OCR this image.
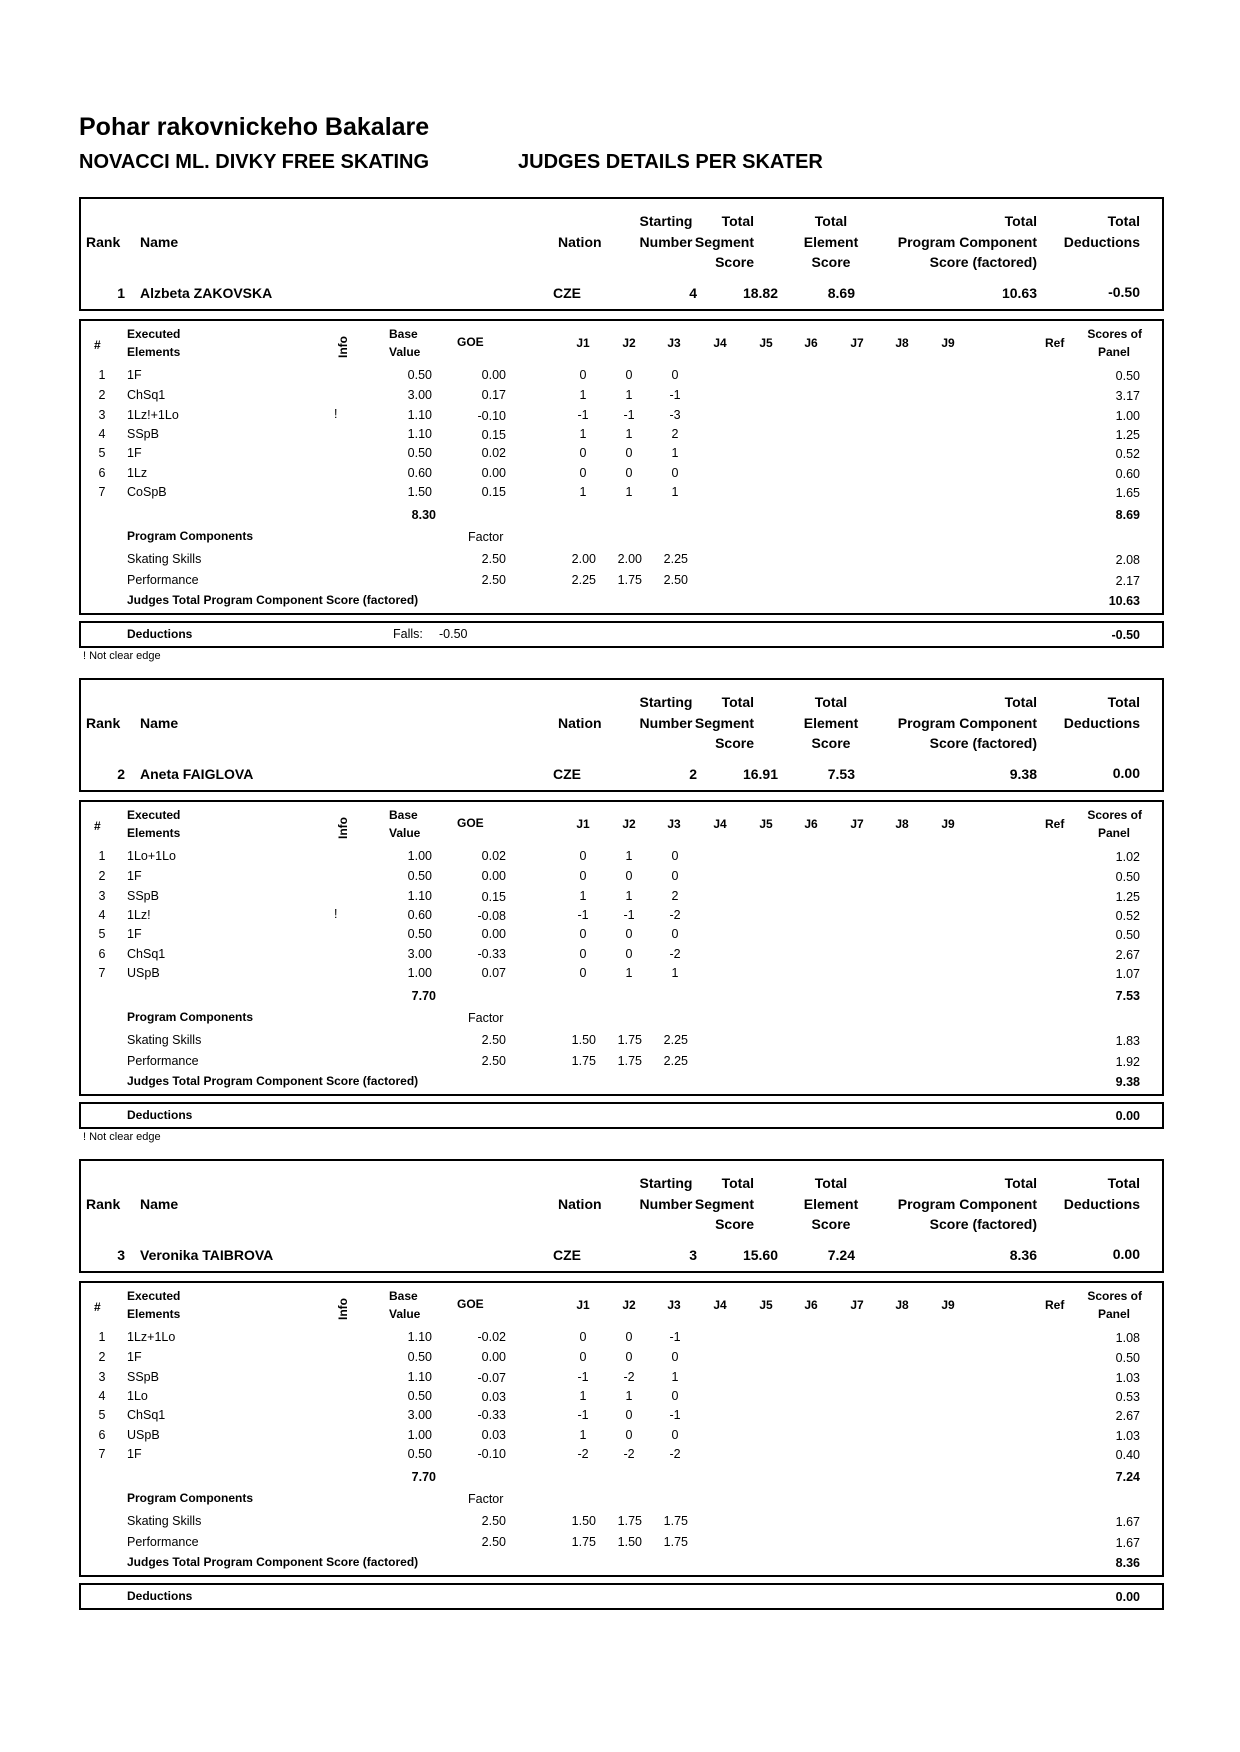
Pohar rakovnickeho Bakalare
NOVACCI ML. DIVKY FREE SKATING	JUDGES DETAILS PER SKATER
Rank Name	Nation
Starting
Number
Total
Segment
Score
Total
Element
Score
Total
Program Component
Score (factored)
Total
Deductions
1 Alzbeta ZAKOVSKA	CZE	4	18.82	8.69	10.63	-0.50
#
Executed
Elements	Info
Base
Value
GOE	J1	J2	J3	J4	J5	J6	J7	J8	J9	Ref
Scores of
Panel
1	1F	0.50	0.00	0	0	0	0.50
2	ChSq1	3.00	0.17	1	1	-1	3.17
3	1Lz!+1Lo	!	1.10	-0.10	-1	-1	-3	1.00
4	SSpB	1.10	0.15	1	1	2	1.25
5	1F	0.50	0.02	0	0	1	0.52
6	1Lz	0.60	0.00	0	0	0	0.60
7	CoSpB	1.50	0.15	1	1	1	1.65
8.30	8.69
Program Components	Factor
Skating Skills	2.50	2.00	2.00	2.25	2.08
Performance	2.50	2.25	1.75	2.50	2.17
Judges Total Program Component Score (factored)	10.63
Deductions	Falls: -0.50	-0.50
! Not clear edge
Rank Name	Nation
Starting
Number
Total
Segment
Score
Total
Element
Score
Total
Program Component
Score (factored)
Total
Deductions
2 Aneta FAIGLOVA	CZE	2	16.91	7.53	9.38	0.00
#
Executed
Elements	Info
Base
Value
GOE	J1	J2	J3	J4	J5	J6	J7	J8	J9	Ref
Scores of
Panel
1	1Lo+1Lo	1.00	0.02	0	1	0	1.02
2	1F	0.50	0.00	0	0	0	0.50
3	SSpB	1.10	0.15	1	1	2	1.25
4	1Lz!	!	0.60	-0.08	-1	-1	-2	0.52
5	1F	0.50	0.00	0	0	0	0.50
6	ChSq1	3.00	-0.33	0	0	-2	2.67
7	USpB	1.00	0.07	0	1	1	1.07
7.70	7.53
Program Components	Factor
Skating Skills	2.50	1.50	1.75	2.25	1.83
Performance	2.50	1.75	1.75	2.25	1.92
Judges Total Program Component Score (factored)	9.38
Deductions	0.00
! Not clear edge
Rank Name	Nation
Starting
Number
Total
Segment
Score
Total
Element
Score
Total
Program Component
Score (factored)
Total
Deductions
3 Veronika TAIBROVA	CZE	3	15.60	7.24	8.36	0.00
#
Executed
Elements	Info
Base
Value
GOE	J1	J2	J3	J4	J5	J6	J7	J8	J9	Ref
Scores of
Panel
1	1Lz+1Lo	1.10	-0.02	0	0	-1	1.08
2	1F	0.50	0.00	0	0	0	0.50
3	SSpB	1.10	-0.07	-1	-2	1	1.03
4	1Lo	0.50	0.03	1	1	0	0.53
5	ChSq1	3.00	-0.33	-1	0	-1	2.67
6	USpB	1.00	0.03	1	0	0	1.03
7	1F	0.50	-0.10	-2	-2	-2	0.40
7.70	7.24
Program Components	Factor
Skating Skills	2.50	1.50	1.75	1.75	1.67
Performance	2.50	1.75	1.50	1.75	1.67
Judges Total Program Component Score (factored)	8.36
Deductions	0.00
